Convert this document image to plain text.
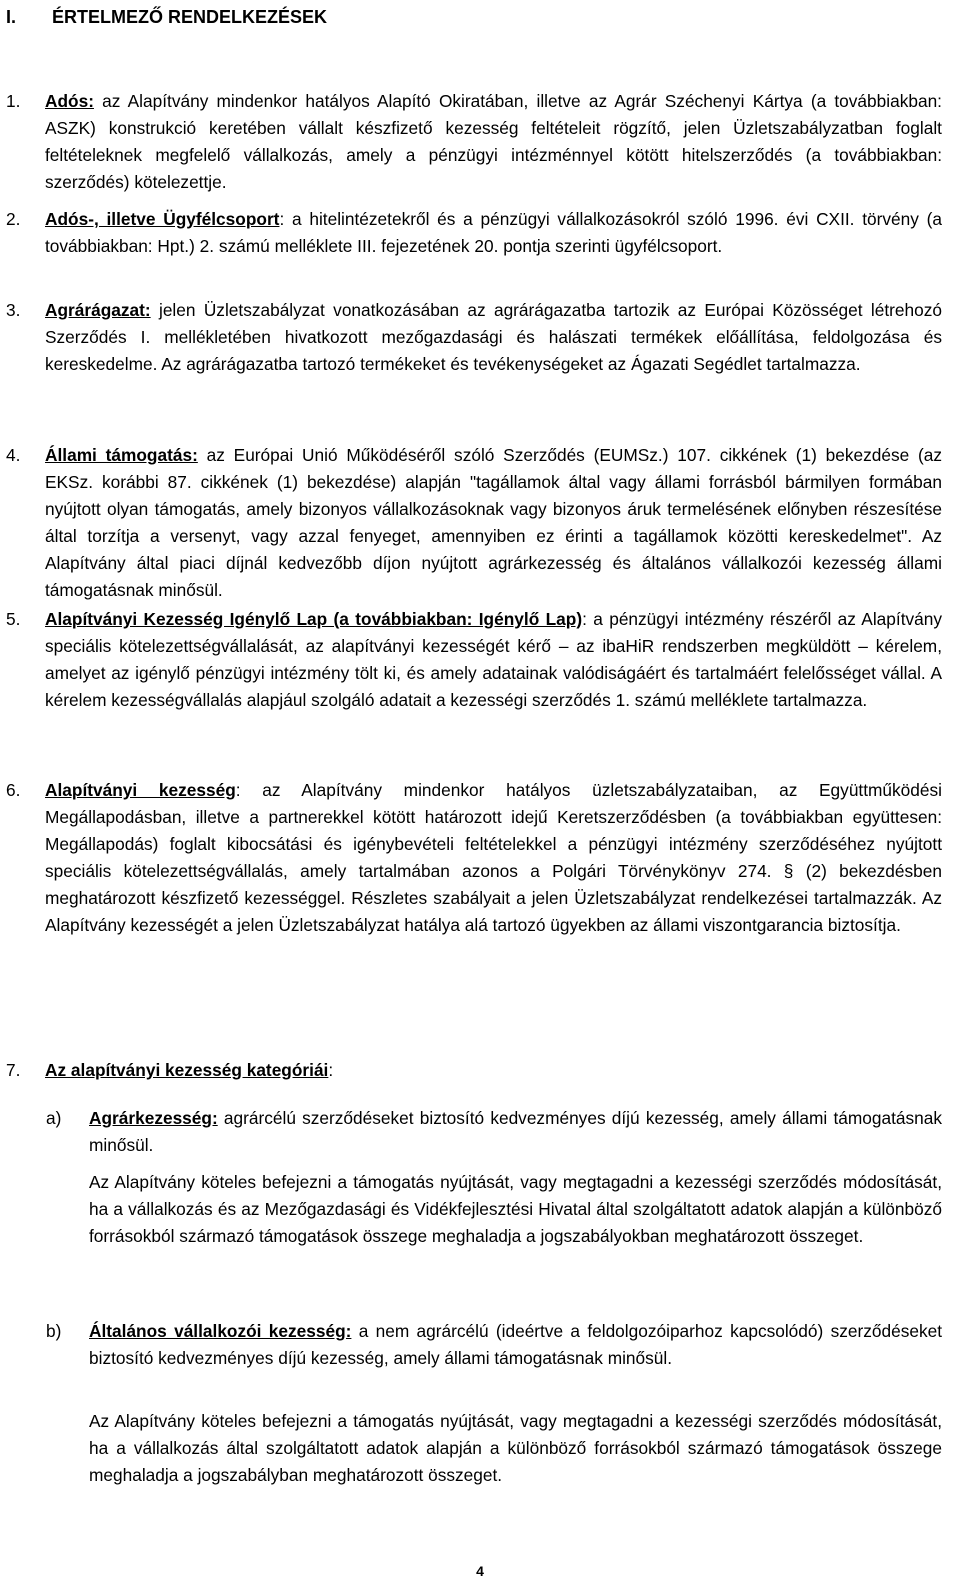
I. ÉRTELMEZŐ RENDELKEZÉSEK
1. Adós: az Alapítvány mindenkor hatályos Alapító Okiratában, illetve az Agrár Széchenyi Kártya (a továbbiakban: ASZK) konstrukció keretében vállalt készfizető kezesség feltételeit rögzítő, jelen Üzletszabályzatban foglalt feltételeknek megfelelő vállalkozás, amely a pénzügyi intézménnyel kötött hitelszerződés (a továbbiakban: szerződés) kötelezettje.
2. Adós-, illetve Ügyfélcsoport: a hitelintézetekről és a pénzügyi vállalkozásokról szóló 1996. évi CXII. törvény (a továbbiakban: Hpt.) 2. számú melléklete III. fejezetének 20. pontja szerinti ügyfélcsoport.
3. Agrárágazat: jelen Üzletszabályzat vonatkozásában az agrárágazatba tartozik az Európai Közösséget létrehozó Szerződés I. mellékletében hivatkozott mezőgazdasági és halászati termékek előállítása, feldolgozása és kereskedelme. Az agrárágazatba tartozó termékeket és tevékenységeket az Ágazati Segédlet tartalmazza.
4. Állami támogatás: az Európai Unió Működéséről szóló Szerződés (EUMSz.) 107. cikkének (1) bekezdése (az EKSz. korábbi 87. cikkének (1) bekezdése) alapján "tagállamok által vagy állami forrásból bármilyen formában nyújtott olyan támogatás, amely bizonyos vállalkozásoknak vagy bizonyos áruk termelésének előnyben részesítése által torzítja a versenyt, vagy azzal fenyeget, amennyiben ez érinti a tagállamok közötti kereskedelmet". Az Alapítvány által piaci díjnál kedvezőbb díjon nyújtott agrárkezesség és általános vállalkozói kezesség állami támogatásnak minősül.
5. Alapítványi Kezesség Igénylő Lap (a továbbiakban: Igénylő Lap): a pénzügyi intézmény részéről az Alapítvány speciális kötelezettségvállalását, az alapítványi kezességét kérő – az ibaHiR rendszerben megküldött – kérelem, amelyet az igénylő pénzügyi intézmény tölt ki, és amely adatainak valódiságáért és tartalmáért felelősséget vállal. A kérelem kezességvállalás alapjául szolgáló adatait a kezességi szerződés 1. számú melléklete tartalmazza.
6. Alapítványi kezesség: az Alapítvány mindenkor hatályos üzletszabályzataiban, az Együttműködési Megállapodásban, illetve a partnerekkel kötött határozott idejű Keretszerződésben (a továbbiakban együttesen: Megállapodás) foglalt kibocsátási és igénybevételi feltételekkel a pénzügyi intézmény szerződéséhez nyújtott speciális kötelezettségvállalás, amely tartalmában azonos a Polgári Törvénykönyv 274. § (2) bekezdésben meghatározott készfizető kezességgel. Részletes szabályait a jelen Üzletszabályzat rendelkezései tartalmazzák. Az Alapítvány kezességét a jelen Üzletszabályzat hatálya alá tartozó ügyekben az állami viszontgarancia biztosítja.
7. Az alapítványi kezesség kategóriái:
a) Agrárkezesség: agrárcélú szerződéseket biztosító kedvezményes díjú kezesség, amely állami támogatásnak minősül.
Az Alapítvány köteles befejezni a támogatás nyújtását, vagy megtagadni a kezességi szerződés módosítását, ha a vállalkozás és az Mezőgazdasági és Vidékfejlesztési Hivatal által szolgáltatott adatok alapján a különböző forrásokból származó támogatások összege meghaladja a jogszabályokban meghatározott összeget.
b) Általános vállalkozói kezesség: a nem agrárcélú (ideértve a feldolgozóiparhoz kapcsolódó) szerződéseket biztosító kedvezményes díjú kezesség, amely állami támogatásnak minősül.
Az Alapítvány köteles befejezni a támogatás nyújtását, vagy megtagadni a kezességi szerződés módosítását, ha a vállalkozás által szolgáltatott adatok alapján a különböző forrásokból származó támogatások összege meghaladja a jogszabályban meghatározott összeget.
4
